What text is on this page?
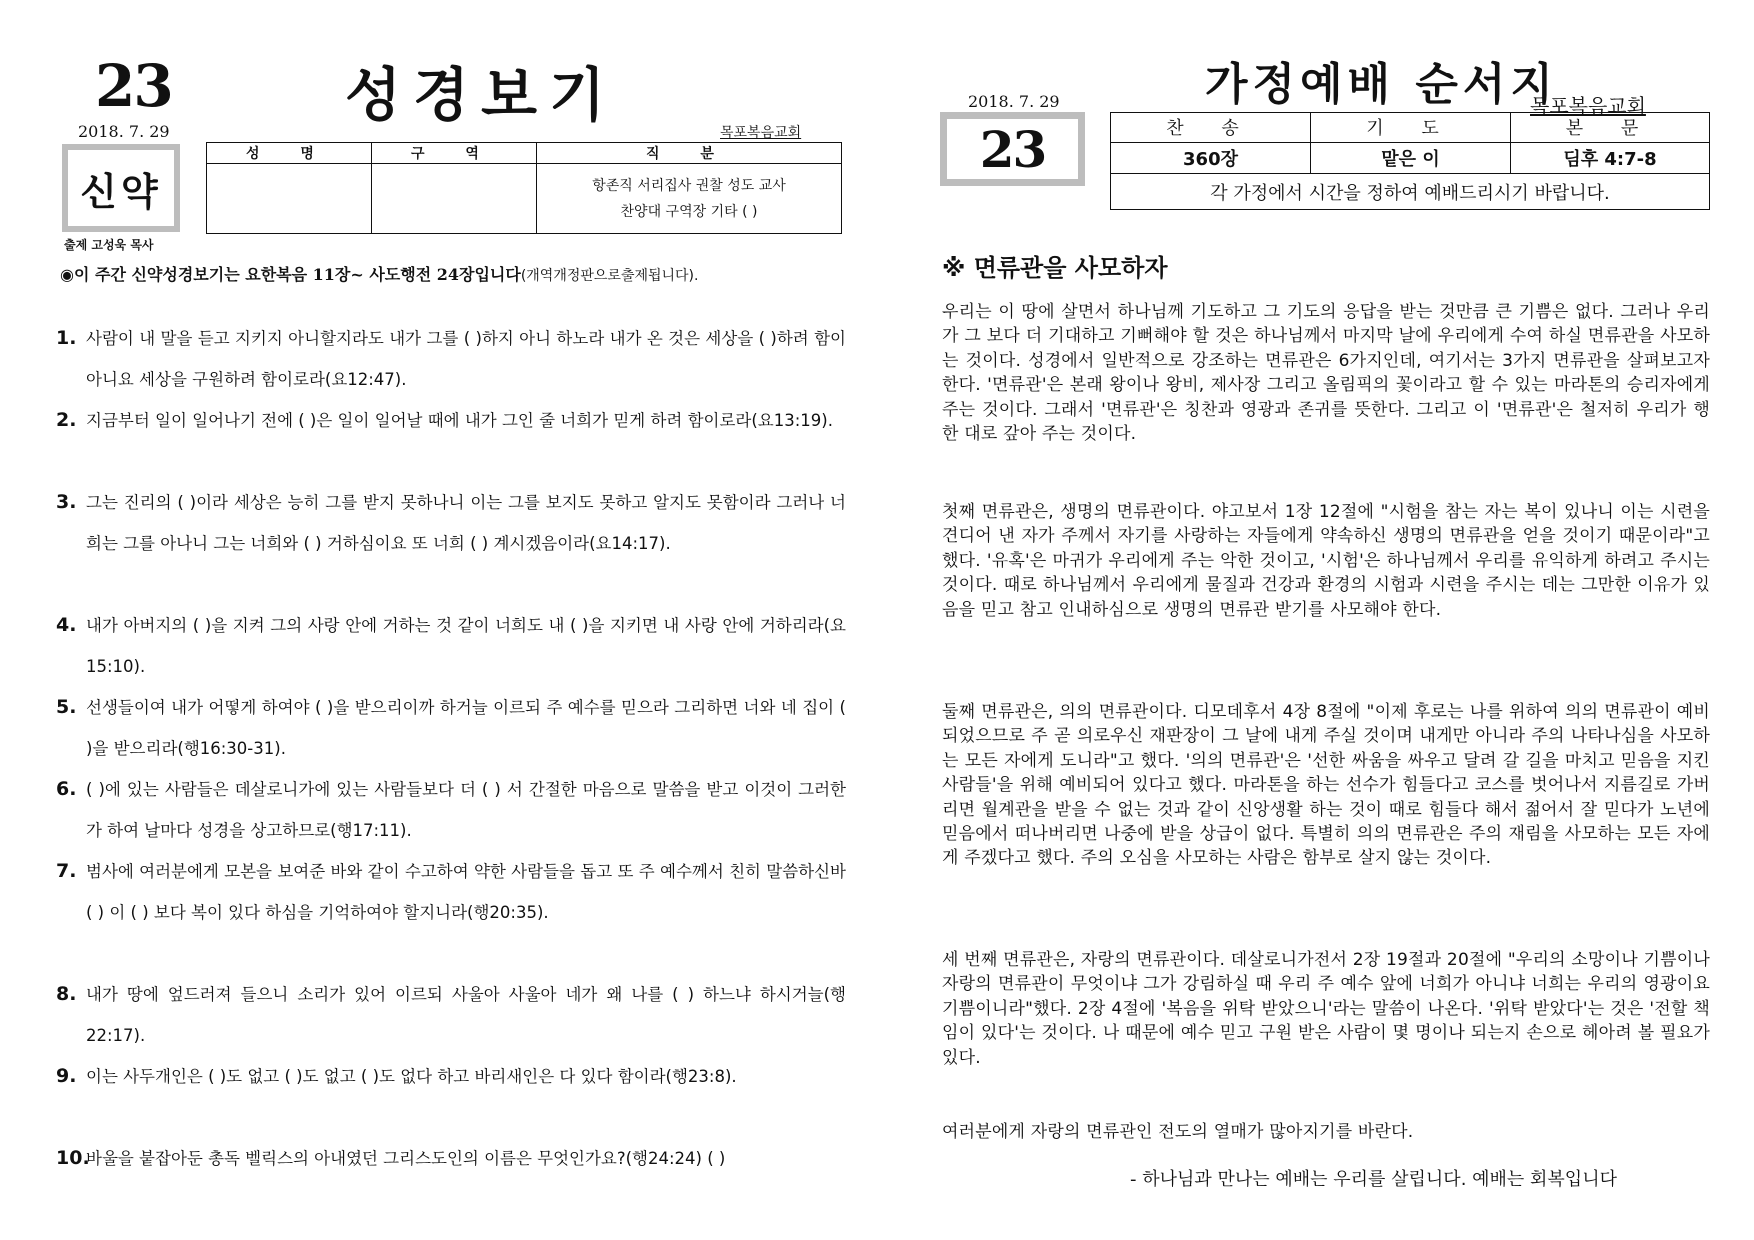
23	성경보기
2018. 7. 29	목포복음교회
신약
출제 고성욱 목사
성 명	구 역	직 분

		항존직 서리집사 권찰 성도 교사
찬양대 구역장 기타 ( )
◉이 주간 신약성경보기는 요한복음 11장~ 사도행전 24장입니다(개역개정판으로출제됩니다).
1. 사람이 내 말을 듣고 지키지 아니할지라도 내가 그를 ( )하지 아니 하노라 내가 온 것은 세상을 ( )하려 함이 아니요 세상을 구원하려 함이로라(요12:47).
2. 지금부터 일이 일어나기 전에 ( )은 일이 일어날 때에 내가 그인 줄 너희가 믿게 하려 함이로라(요13:19).
3. 그는 진리의 ( )이라 세상은 능히 그를 받지 못하나니 이는 그를 보지도 못하고 알지도 못함이라 그러나 너희는 그를 아나니 그는 너희와 ( ) 거하심이요 또 너희 ( ) 계시겠음이라(요14:17).
4. 내가 아버지의 ( )을 지켜 그의 사랑 안에 거하는 것 같이 너희도 내 ( )을 지키면 내 사랑 안에 거하리라(요15:10).
5. 선생들이여 내가 어떻게 하여야 ( )을 받으리이까 하거늘 이르되 주 예수를 믿으라 그리하면 너와 네 집이 ( )을 받으리라(행16:30-31).
6. ( )에 있는 사람들은 데살로니가에 있는 사람들보다 더 ( ) 서 간절한 마음으로 말씀을 받고 이것이 그러한가 하여 날마다 성경을 상고하므로(행17:11).
7. 범사에 여러분에게 모본을 보여준 바와 같이 수고하여 약한 사람들을 돕고 또 주 예수께서 친히 말씀하신바 ( ) 이 ( ) 보다 복이 있다 하심을 기억하여야 할지니라(행20:35).
8. 내가 땅에 엎드러져 들으니 소리가 있어 이르되 사울아 사울아 네가 왜 나를 ( ) 하느냐 하시거늘(행22:17).
9. 이는 사두개인은 ( )도 없고 ( )도 없고 ( )도 없다 하고 바리새인은 다 있다 함이라(행23:8).
10.
바울을 붙잡아둔 총독 벨릭스의 아내였던 그리스도인의 이름은 무엇인가요?(행24:24) ( )
가정예배 순서지
2018. 7. 29	목포복음교회
23	찬 송	기 도	본 문
360장	맡은 이	딤후 4:7-8
각 가정에서 시간을 정하여 예배드리시기 바랍니다.		
※ 면류관을 사모하자

우리는 이 땅에 살면서 하나님께 기도하고 그 기도의 응답을 받는 것만큼 큰 기쁨은 없다. 그러나 우리가 그 보다 더 기대하고 기뻐해야 할 것은 하나님께서 마지막 날에 우리에게 수여 하실 면류관을 사모하는 것이다. 성경에서 일반적으로 강조하는 면류관은 6가지인데, 여기서는 3가지 면류관을 살펴보고자 한다. '면류관'은 본래 왕이나 왕비, 제사장 그리고 올림픽의 꽃이라고 할 수 있는 마라톤의 승리자에게 주는 것이다. 그래서 '면류관'은 칭찬과 영광과 존귀를 뜻한다. 그리고 이 '면류관'은 철저히 우리가 행한 대로 갚아 주는 것이다.

첫째 면류관은, 생명의 면류관이다. 야고보서 1장 12절에 "시험을 참는 자는 복이 있나니 이는 시련을 견디어 낸 자가 주께서 자기를 사랑하는 자들에게 약속하신 생명의 면류관을 얻을 것이기 때문이라"고 했다. '유혹'은 마귀가 우리에게 주는 악한 것이고, '시험'은 하나님께서 우리를 유익하게 하려고 주시는 것이다. 때로 하나님께서 우리에게 물질과 건강과 환경의 시험과 시련을 주시는 데는 그만한 이유가 있음을 믿고 참고 인내하심으로 생명의 면류관 받기를 사모해야 한다.

둘째 면류관은, 의의 면류관이다. 디모데후서 4장 8절에 "이제 후로는 나를 위하여 의의 면류관이 예비되었으므로 주 곧 의로우신 재판장이 그 날에 내게 주실 것이며 내게만 아니라 주의 나타나심을 사모하는 모든 자에게 도니라"고 했다. '의의 면류관'은 '선한 싸움을 싸우고 달려 갈 길을 마치고 믿음을 지킨 사람들'을 위해 예비되어 있다고 했다. 마라톤을 하는 선수가 힘들다고 코스를 벗어나서 지름길로 가버리면 월계관을 받을 수 없는 것과 같이 신앙생활 하는 것이 때로 힘들다 해서 젊어서 잘 믿다가 노년에 믿음에서 떠나버리면 나중에 받을 상급이 없다. 특별히 의의 면류관은 주의 재림을 사모하는 모든 자에게 주겠다고 했다. 주의 오심을 사모하는 사람은 함부로 살지 않는 것이다.

세 번째 면류관은, 자랑의 면류관이다. 데살로니가전서 2장 19절과 20절에 "우리의 소망이나 기쁨이나 자랑의 면류관이 무엇이냐 그가 강림하실 때 우리 주 예수 앞에 너희가 아니냐 너희는 우리의 영광이요 기쁨이니라"했다. 2장 4절에 '복음을 위탁 받았으니'라는 말씀이 나온다. '위탁 받았다'는 것은 '전할 책임이 있다'는 것이다. 나 때문에 예수 믿고 구원 받은 사람이 몇 명이나 되는지 손으로 헤아려 볼 필요가 있다.

여러분에게 자랑의 면류관인 전도의 열매가 많아지기를 바란다.

- 하나님과 만나는 예배는 우리를 살립니다. 예배는 회복입니다
